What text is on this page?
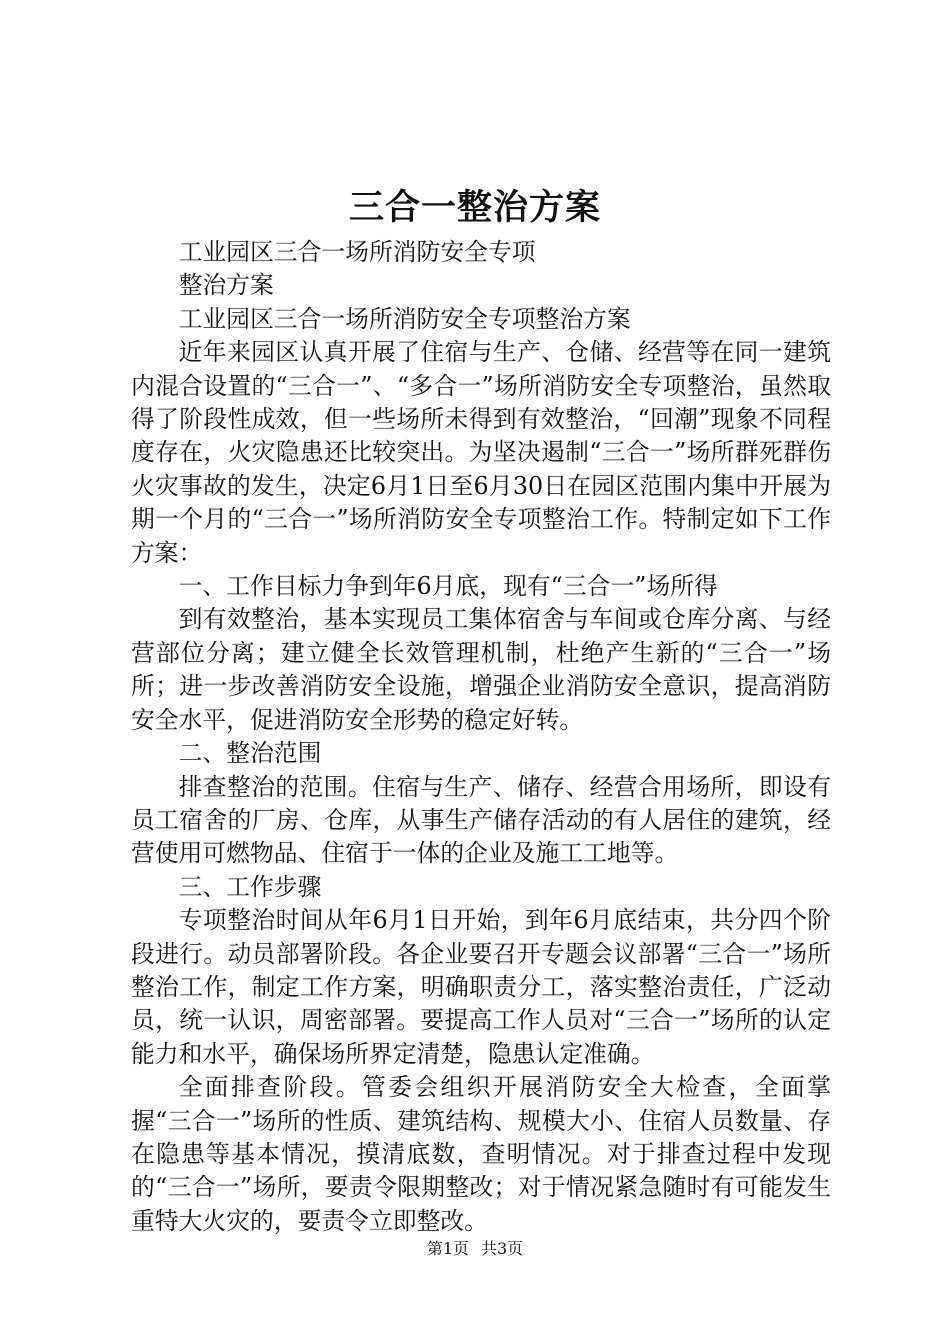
三合一整治方案

工业园区三合一场所消防安全专项

整治方案

工业园区三合一场所消防安全专项整治方案

近年来园区认真开展了住宿与生产、仓储、经营等在同一建筑内混合设置的“三合一”、“多合一”场所消防安全专项整治，虽然取得了阶段性成效，但一些场所未得到有效整治，“回潮”现象不同程度存在，火灾隐患还比较突出。为坚决遏制“三合一”场所群死群伤火灾事故的发生，决定6月1日至6月30日在园区范围内集中开展为期一个月的“三合一”场所消防安全专项整治工作。特制定如下工作方案：

一、工作目标力争到年6月底，现有“三合一”场所得

到有效整治，基本实现员工集体宿舍与车间或仓库分离、与经营部位分离；建立健全长效管理机制，杜绝产生新的“三合一”场所；进一步改善消防安全设施，增强企业消防安全意识，提高消防安全水平，促进消防安全形势的稳定好转。

二、整治范围

排查整治的范围。住宿与生产、储存、经营合用场所，即设有员工宿舍的厂房、仓库，从事生产储存活动的有人居住的建筑，经营使用可燃物品、住宿于一体的企业及施工工地等。

三、工作步骤

专项整治时间从年6月1日开始，到年6月底结束，共分四个阶段进行。动员部署阶段。各企业要召开专题会议部署“三合一”场所整治工作，制定工作方案，明确职责分工，落实整治责任，广泛动员，统一认识，周密部署。要提高工作人员对“三合一”场所的认定能力和水平，确保场所界定清楚，隐患认定准确。

全面排查阶段。管委会组织开展消防安全大检查，全面掌握“三合一”场所的性质、建筑结构、规模大小、住宿人员数量、存在隐患等基本情况，摸清底数，查明情况。对于排查过程中发现的“三合一”场所，要责令限期整改；对于情况紧急随时有可能发生重特大火灾的，要责令立即整改。

第1页 共3页
